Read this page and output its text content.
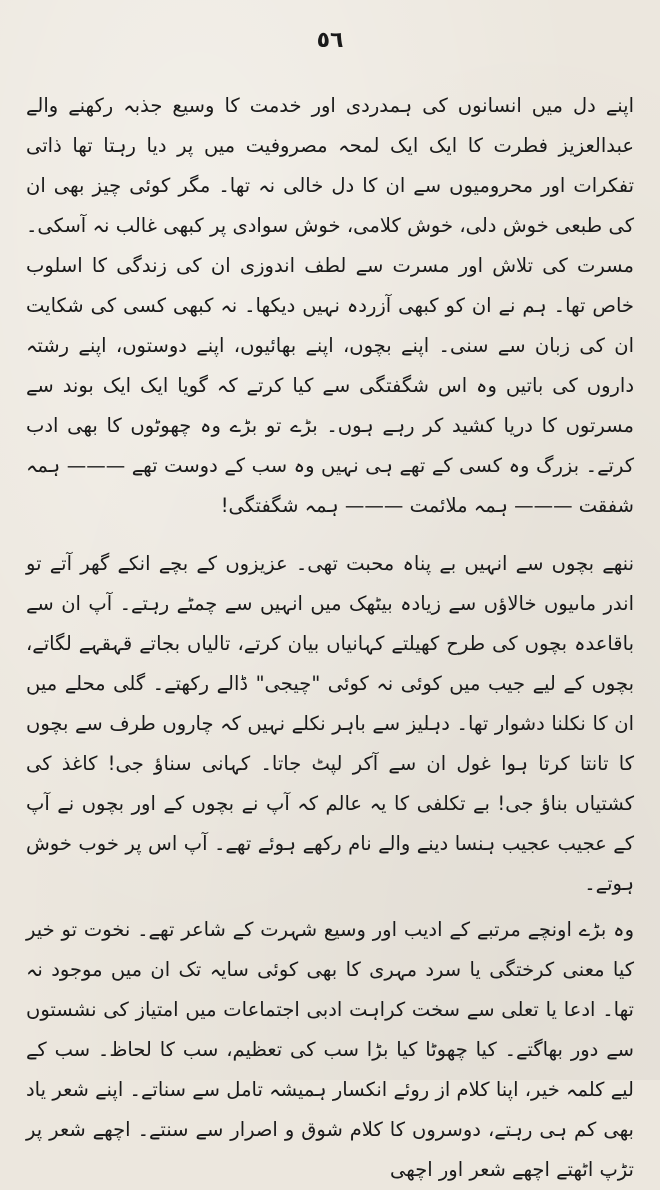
٥٦

اپنے دل میں انسانوں کی ہمدردی اور خدمت کا وسیع جذبہ رکھنے والے عبدالعزیز فطرت کا ایک ایک لمحہ مصروفیت میں پر دیا رہتا تھا ذاتی تفکرات اور محرومیوں سے ان کا دل خالی نہ تھا۔ مگر کوئی چیز بھی ان کی طبعی خوش دلی، خوش کلامی، خوش سوادی پر کبھی غالب نہ آسکی۔ مسرت کی تلاش اور مسرت سے لطف اندوزی ان کی زندگی کا اسلوب خاص تھا۔ ہم نے ان کو کبھی آزردہ نہیں دیکھا۔ نہ کبھی کسی کی شکایت ان کی زبان سے سنی۔ اپنے بچوں، اپنے بھائیوں، اپنے دوستوں، اپنے رشتہ داروں کی باتیں وہ اس شگفتگی سے کیا کرتے کہ گویا ایک ایک بوند سے مسرتوں کا دریا کشید کر رہے ہوں۔ بڑے تو بڑے وہ چھوٹوں کا بھی ادب کرتے۔ بزرگ وہ کسی کے تھے ہی نہیں وہ سب کے دوست تھے ——— ہمہ شفقت ——— ہمہ ملائمت ——— ہمہ شگفتگی!

ننھے بچوں سے انہیں بے پناہ محبت تھی۔ عزیزوں کے بچے انکے گھر آتے تو اندر ماںیوں خالاؤں سے زیادہ بیٹھک میں انہیں سے چمٹے رہتے۔ آپ ان سے باقاعدہ بچوں کی طرح کھیلتے کہانیاں بیان کرتے، تالیاں بجاتے قہقہے لگاتے، بچوں کے لیے جیب میں کوئی نہ کوئی "چیجی" ڈالے رکھتے۔ گلی محلے میں ان کا نکلنا دشوار تھا۔ دہلیز سے باہر نکلے نہیں کہ چاروں طرف سے بچوں کا تانتا کرتا ہوا غول ان سے آکر لپٹ جاتا۔ کہانی سناؤ جی! کاغذ کی کشتیاں بناؤ جی! بے تکلفی کا یہ عالم کہ آپ نے بچوں کے اور بچوں نے آپ کے عجیب عجیب ہنسا دینے والے نام رکھے ہوئے تھے۔ آپ اس پر خوب خوش ہوتے۔

وہ بڑے اونچے مرتبے کے ادیب اور وسیع شہرت کے شاعر تھے۔ نخوت تو خیر کیا معنی کرختگی یا سرد مہری کا بھی کوئی سایہ تک ان میں موجود نہ تھا۔ ادعا یا تعلی سے سخت کراہت ادبی اجتماعات میں امتیاز کی نشستوں سے دور بھاگتے۔ کیا چھوٹا کیا بڑا سب کی تعظیم، سب کا لحاظ۔ سب کے لیے کلمہ خیر، اپنا کلام از روئے انکسار ہمیشہ تامل سے سناتے۔ اپنے شعر یاد بھی کم ہی رہتے، دوسروں کا کلام شوق و اصرار سے سنتے۔ اچھے شعر پر تڑپ اٹھتے اچھے شعر اور اچھی
